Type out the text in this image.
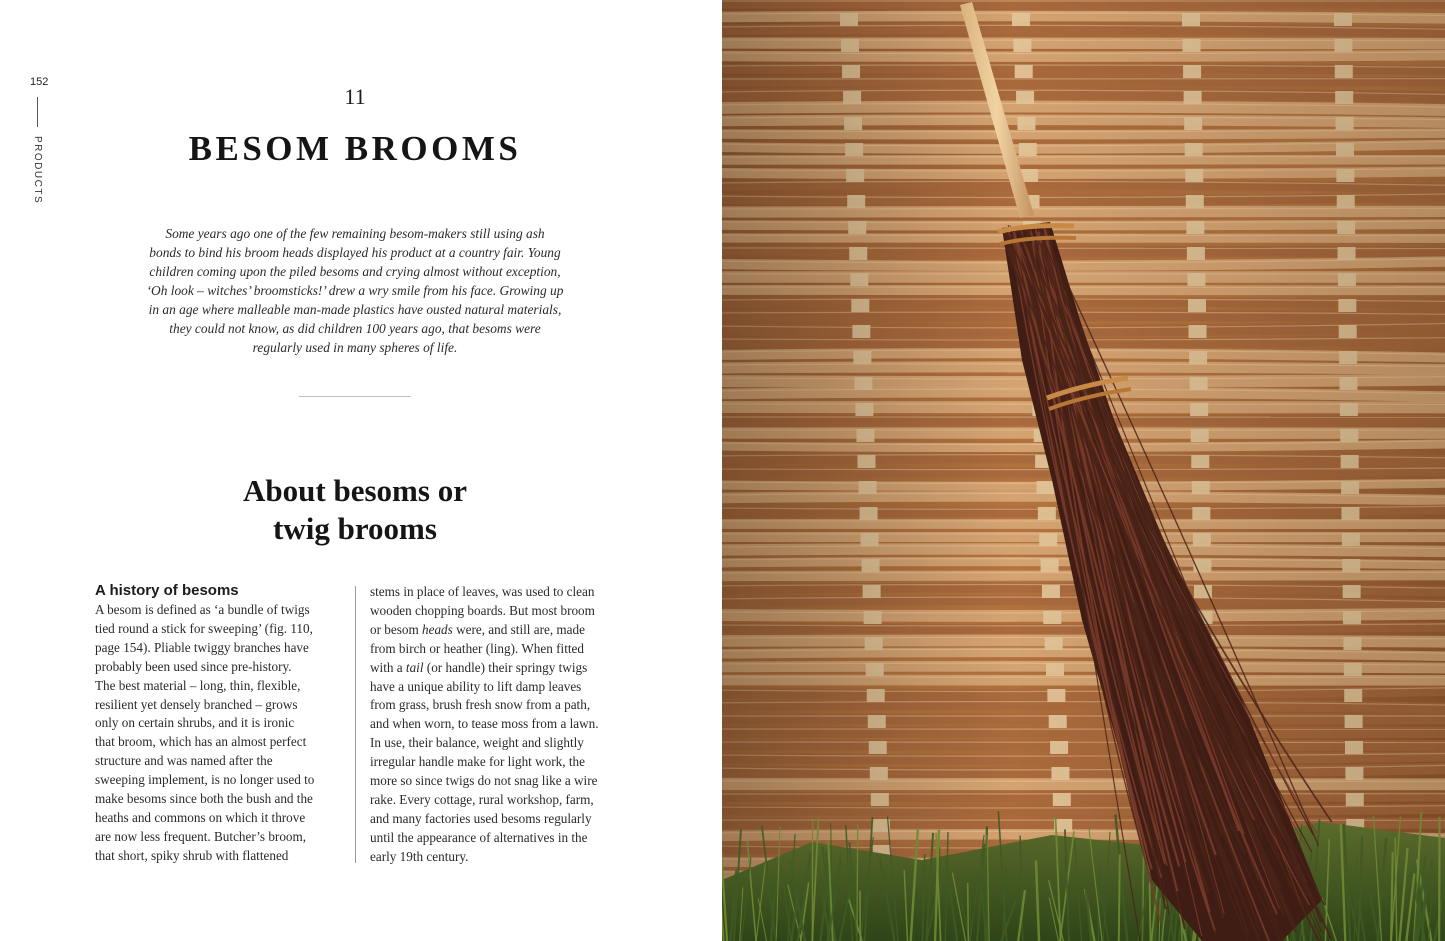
152
PRODUCTS
11
BESOM BROOMS
Some years ago one of the few remaining besom-makers still using ash
bonds to bind his broom heads displayed his product at a country fair. Young
children coming upon the piled besoms and crying almost without exception,
‘Oh look – witches’ broomsticks!’ drew a wry smile from his face. Growing up
in an age where malleable man-made plastics have ousted natural materials,
they could not know, as did children 100 years ago, that besoms were
regularly used in many spheres of life.
About besoms or
twig brooms
A history of besoms
A besom is defined as ‘a bundle of twigs
tied round a stick for sweeping’ (fig. 110,
page 154). Pliable twiggy branches have
probably been used since pre-history.
The best material – long, thin, flexible,
resilient yet densely branched – grows
only on certain shrubs, and it is ironic
that broom, which has an almost perfect
structure and was named after the
sweeping implement, is no longer used to
make besoms since both the bush and the
heaths and commons on which it throve
are now less frequent. Butcher’s broom,
that short, spiky shrub with flattened
stems in place of leaves, was used to clean
wooden chopping boards. But most broom
or besom heads were, and still are, made
from birch or heather (ling). When fitted
with a tail (or handle) their springy twigs
have a unique ability to lift damp leaves
from grass, brush fresh snow from a path,
and when worn, to tease moss from a lawn.
In use, their balance, weight and slightly
irregular handle make for light work, the
more so since twigs do not snag like a wire
rake. Every cottage, rural workshop, farm,
and many factories used besoms regularly
until the appearance of alternatives in the
early 19th century.
